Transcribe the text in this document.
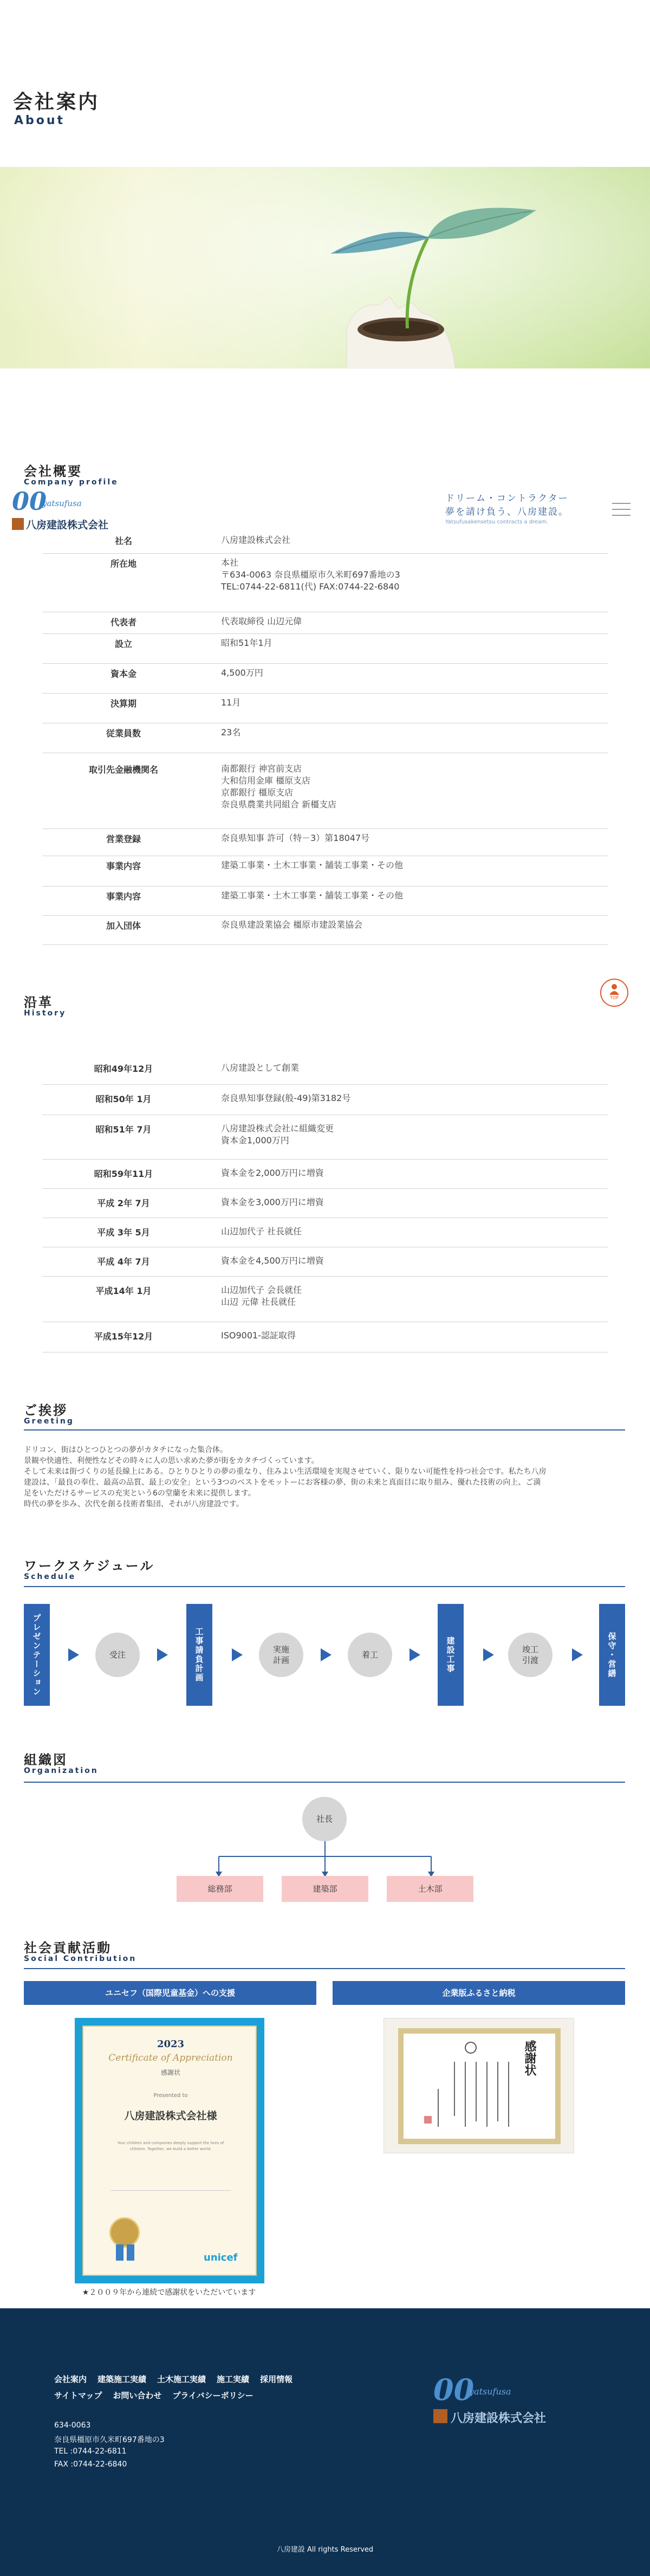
会社案内
About
会社概要
Company profile
00
yatsufusa
八房建設株式会社
ドリーム・コントラクター
夢を請け負う、八房建設。
Yatsufusakensetsu contracts a dream.
社名	八房建設株式会社
所在地	本社
〒634-0063 奈良県橿原市久米町697番地の3
TEL:0744-22-6811(代) FAX:0744-22-6840
代表者	代表取締役 山辺元偉
設立	昭和51年1月
資本金	4,500万円
決算期	11月
従業員数	23名
取引先金融機関名	南都銀行 神宮前支店
大和信用金庫 橿原支店
京都銀行 橿原支店
奈良県農業共同組合 新橿支店
営業登録	奈良県知事 許可（特－3）第18047号
事業内容	建築工事業・土木工事業・舗装工事業・その他
事業内容	建築工事業・土木工事業・舗装工事業・その他
加入団体	奈良県建設業協会 橿原市建設業協会
TOP
沿革
History
昭和49年12月	八房建設として創業
昭和50年 1月	奈良県知事登録(般-49)第3182号
昭和51年 7月	八房建設株式会社に組織変更
資本金1,000万円
昭和59年11月	資本金を2,000万円に増資
平成 2年 7月	資本金を3,000万円に増資
平成 3年 5月	山辺加代子 社長就任
平成 4年 7月	資本金を4,500万円に増資
平成14年 1月	山辺加代子 会長就任
山辺 元偉 社長就任
平成15年12月	ISO9001-認証取得
ご挨拶
Greeting
ドリコン、街はひとつひとつの夢がカタチになった集合体。
景観や快適性、利便性などその時々に人の思い求めた夢が街をカタチづくっています。
そして未来は街づくりの延長線上にある。ひとりひとりの夢の重なり、住みよい生活環境を実現させていく、限りない可能性を持つ社会です。私たち八房
建設は、「最良の奉仕、最高の品質、最上の安全」という3つのベストをモットーにお客様の夢、街の未来と真面目に取り組み、優れた技術の向上、ご満
足をいただけるサービスの充実という6の堂蘭を未来に提供します。
時代の夢を歩み、次代を創る技術者集団、それが八房建設です。
ワークスケジュール
Schedule
プレゼンテーション	受注	工事請負計画	実施
計画
着工	建設工事	竣工
引渡	保守・営繕
組織図
Organization
社長
総務部	建築部	土木部
社会貢献活動
Social Contribution
ユニセフ（国際児童基金）への支援	企業版ふるさと納税
2023
Certificate of Appreciation
感謝状
Presented to
八房建設株式会社様
Your children and companies deeply support the lives of children. Together, we build a better world.
unicef
★２００９年から連続で感謝状をいただいています
感謝状
会社案内 建築施工実績 土木施工実績 施工実績 採用情報
サイトマップ お問い合わせ プライバシーポリシー
634-0063
奈良県橿原市久米町697番地の3
TEL :0744-22-6811
FAX :0744-22-6840
00
yatsufusa
八房建設株式会社
八房建設 All rights Reserved
